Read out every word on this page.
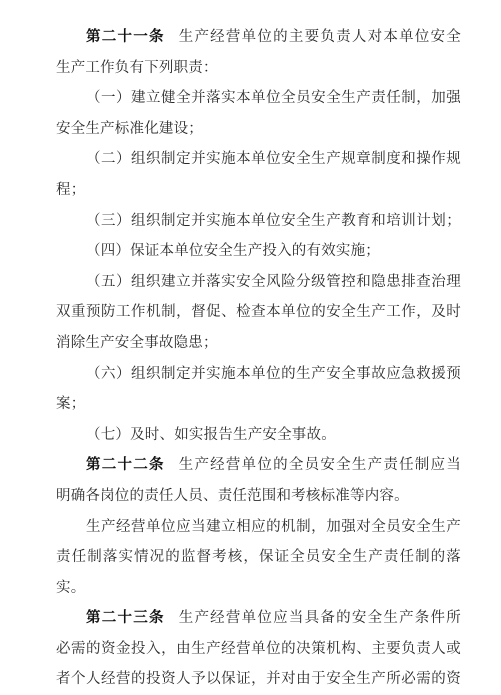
第二十一条 生产经营单位的主要负责人对本单位安全
生产工作负有下列职责：
（一）建立健全并落实本单位全员安全生产责任制，加强
安全生产标准化建设；
（二）组织制定并实施本单位安全生产规章制度和操作规
程；
（三）组织制定并实施本单位安全生产教育和培训计划；
（四）保证本单位安全生产投入的有效实施；
（五）组织建立并落实安全风险分级管控和隐患排查治理
双重预防工作机制，督促、检查本单位的安全生产工作，及时
消除生产安全事故隐患；
（六）组织制定并实施本单位的生产安全事故应急救援预
案；
（七）及时、如实报告生产安全事故。
第二十二条 生产经营单位的全员安全生产责任制应当
明确各岗位的责任人员、责任范围和考核标准等内容。
生产经营单位应当建立相应的机制，加强对全员安全生产
责任制落实情况的监督考核，保证全员安全生产责任制的落
实。
第二十三条 生产经营单位应当具备的安全生产条件所
必需的资金投入，由生产经营单位的决策机构、主要负责人或
者个人经营的投资人予以保证，并对由于安全生产所必需的资
